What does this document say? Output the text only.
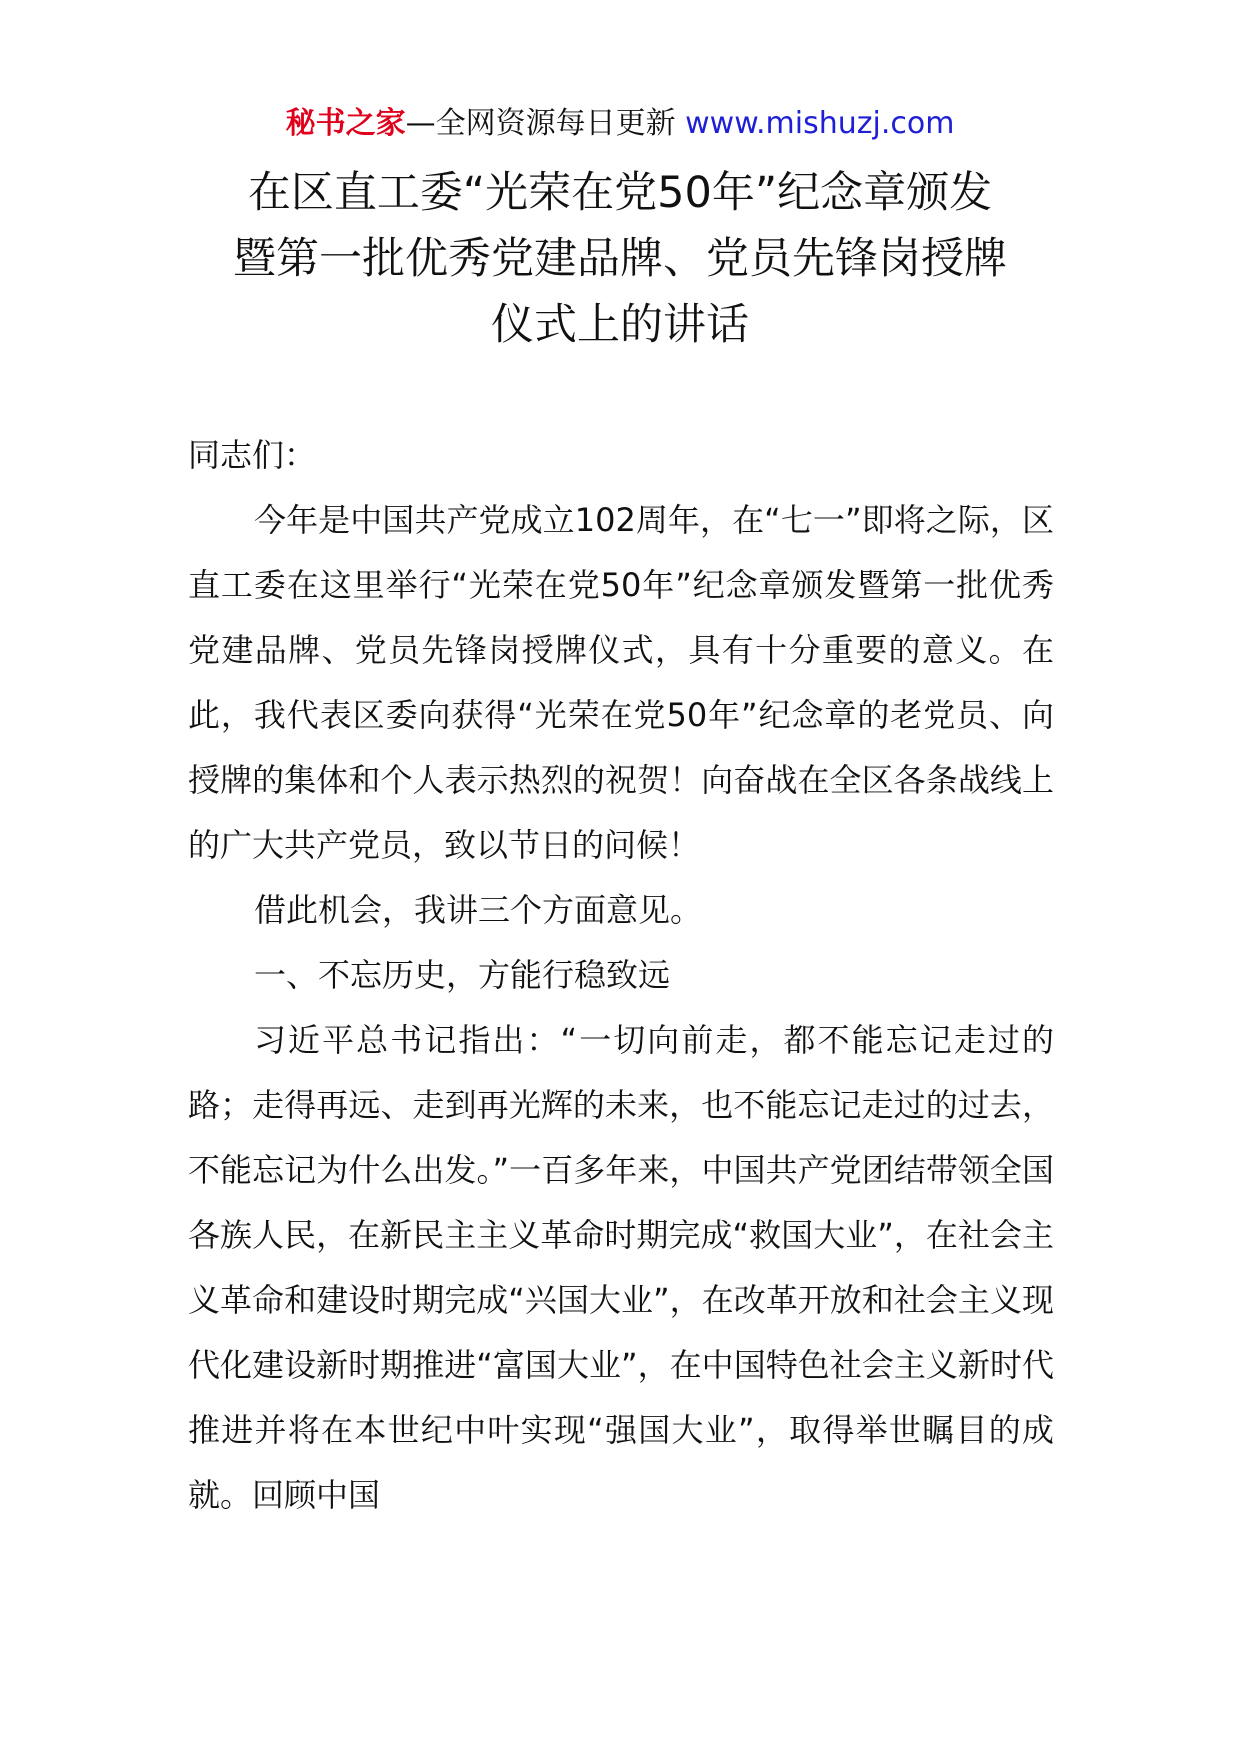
秘书之家—全网资源每日更新 www.mishuzj.com
在区直工委“光荣在党50年”纪念章颁发
暨第一批优秀党建品牌、党员先锋岗授牌
仪式上的讲话

同志们：

今年是中国共产党成立102周年，在“七一”即将之际，区直工委在这里举行“光荣在党50年”纪念章颁发暨第一批优秀党建品牌、党员先锋岗授牌仪式，具有十分重要的意义。在此，我代表区委向获得“光荣在党50年”纪念章的老党员、向授牌的集体和个人表示热烈的祝贺！向奋战在全区各条战线上的广大共产党员，致以节日的问候！

借此机会，我讲三个方面意见。

一、不忘历史，方能行稳致远

习近平总书记指出：“一切向前走，都不能忘记走过的路；走得再远、走到再光辉的未来，也不能忘记走过的过去，不能忘记为什么出发。”一百多年来，中国共产党团结带领全国各族人民，在新民主主义革命时期完成“救国大业”，在社会主义革命和建设时期完成“兴国大业”，在改革开放和社会主义现代化建设新时期推进“富国大业”，在中国特色社会主义新时代推进并将在本世纪中叶实现“强国大业”，取得举世瞩目的成就。回顾中国
